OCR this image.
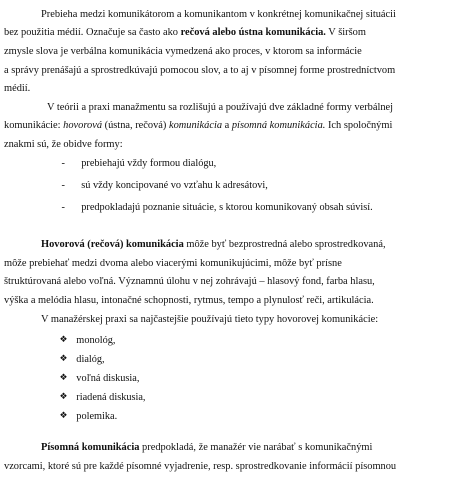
Prebieha medzi komunikátorom a komunikantom v konkrétnej komunikačnej situácii
bez použitia médií. Označuje sa často ako rečová alebo ústna komunikácia. V širšom
zmysle slova je verbálna komunikácia vymedzená ako proces, v ktorom sa informácie
a správy prenášajú a sprostredkúvajú pomocou slov, a to aj v písomnej forme prostredníctvom
médií.
V teórii a praxi manažmentu sa rozlišujú a používajú dve základné formy verbálnej
komunikácie: hovorová (ústna, rečová) komunikácia a písomná komunikácia. Ich spoločnými
znakmi sú, že obidve formy:
- prebiehajú vždy formou dialógu,
- sú vždy koncipované vo vzťahu k adresátovi,
- predpokladajú poznanie situácie, s ktorou komunikovaný obsah súvisí.
Hovorová (rečová) komunikácia môže byť bezprostredná alebo sprostredkovaná,
môže prebiehať medzi dvoma alebo viacerými komunikujúcimi, môže byť prísne
štruktúrovaná alebo voľná. Významnú úlohu v nej zohrávajú – hlasový fond, farba hlasu,
výška a melódia hlasu, intonačné schopnosti, rytmus, tempo a plynulosť reči, artikulácia.
V manažérskej praxi sa najčastejšie používajú tieto typy hovorovej komunikácie:
❖ monológ,
❖ dialóg,
❖ voľná diskusia,
❖ riadená diskusia,
❖ polemika.
Písomná komunikácia predpokladá, že manažér vie narábať s komunikačnými
vzorcami, ktoré sú pre každé písomné vyjadrenie, resp. sprostredkovanie informácií písomnou
